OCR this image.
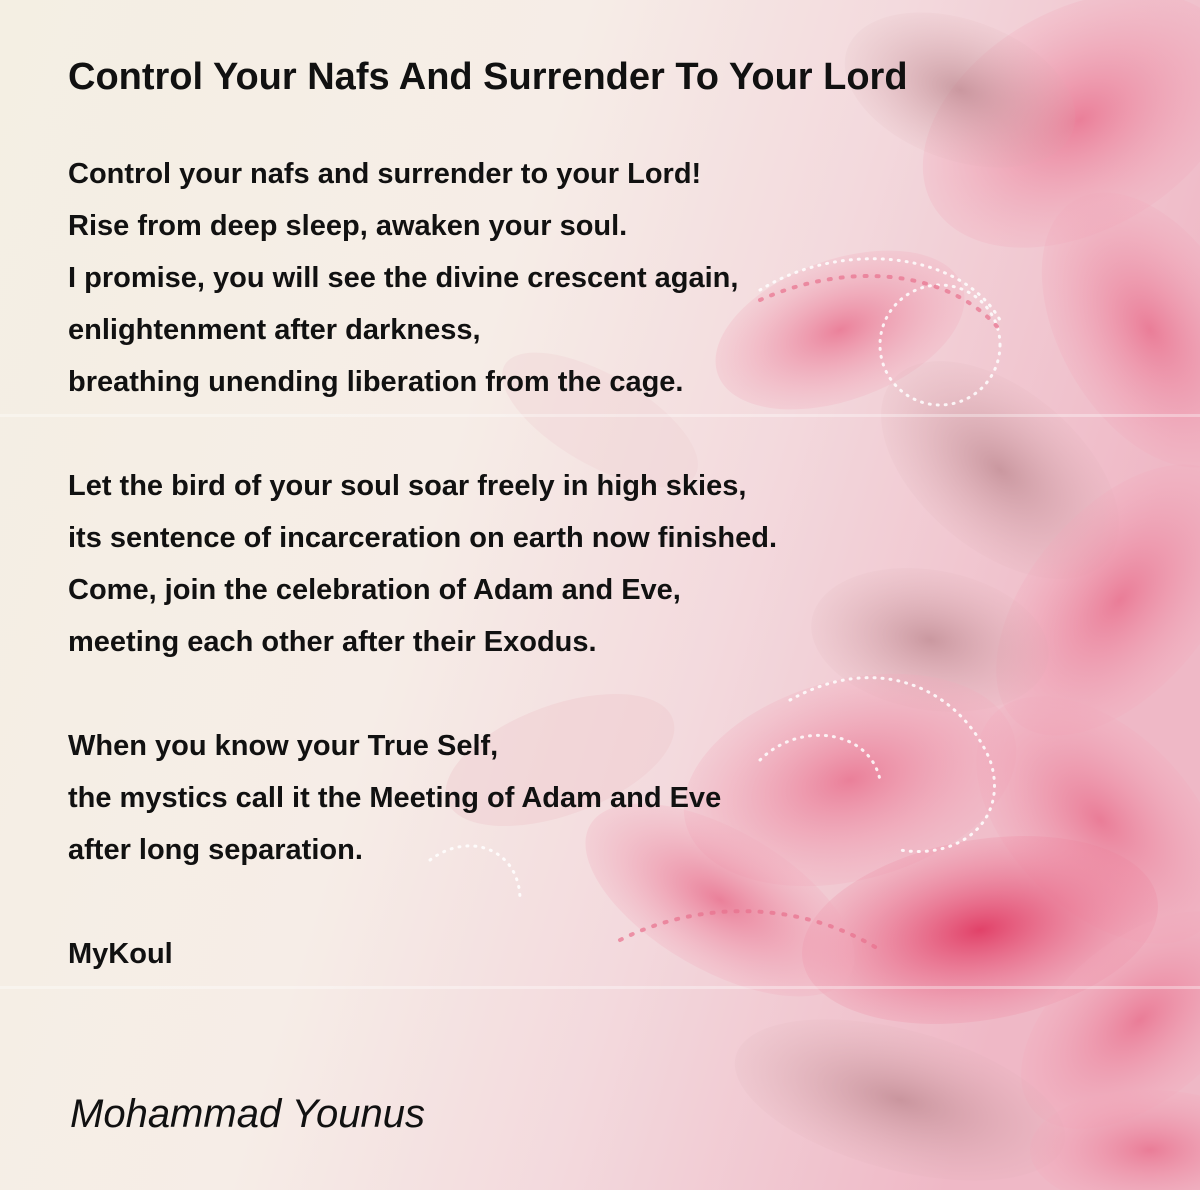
Control Your Nafs And Surrender To Your Lord
Control your nafs and surrender to your Lord!
Rise from deep sleep, awaken your soul.
I promise, you will see the divine crescent again,
enlightenment after darkness,
breathing unending liberation from the cage.
Let the bird of your soul soar freely in high skies,
its sentence of incarceration on earth now finished.
Come, join the celebration of Adam and Eve,
meeting each other after their Exodus.
When you know your True Self,
the mystics call it the Meeting of Adam and Eve
after long separation.
MyKoul
Mohammad Younus
